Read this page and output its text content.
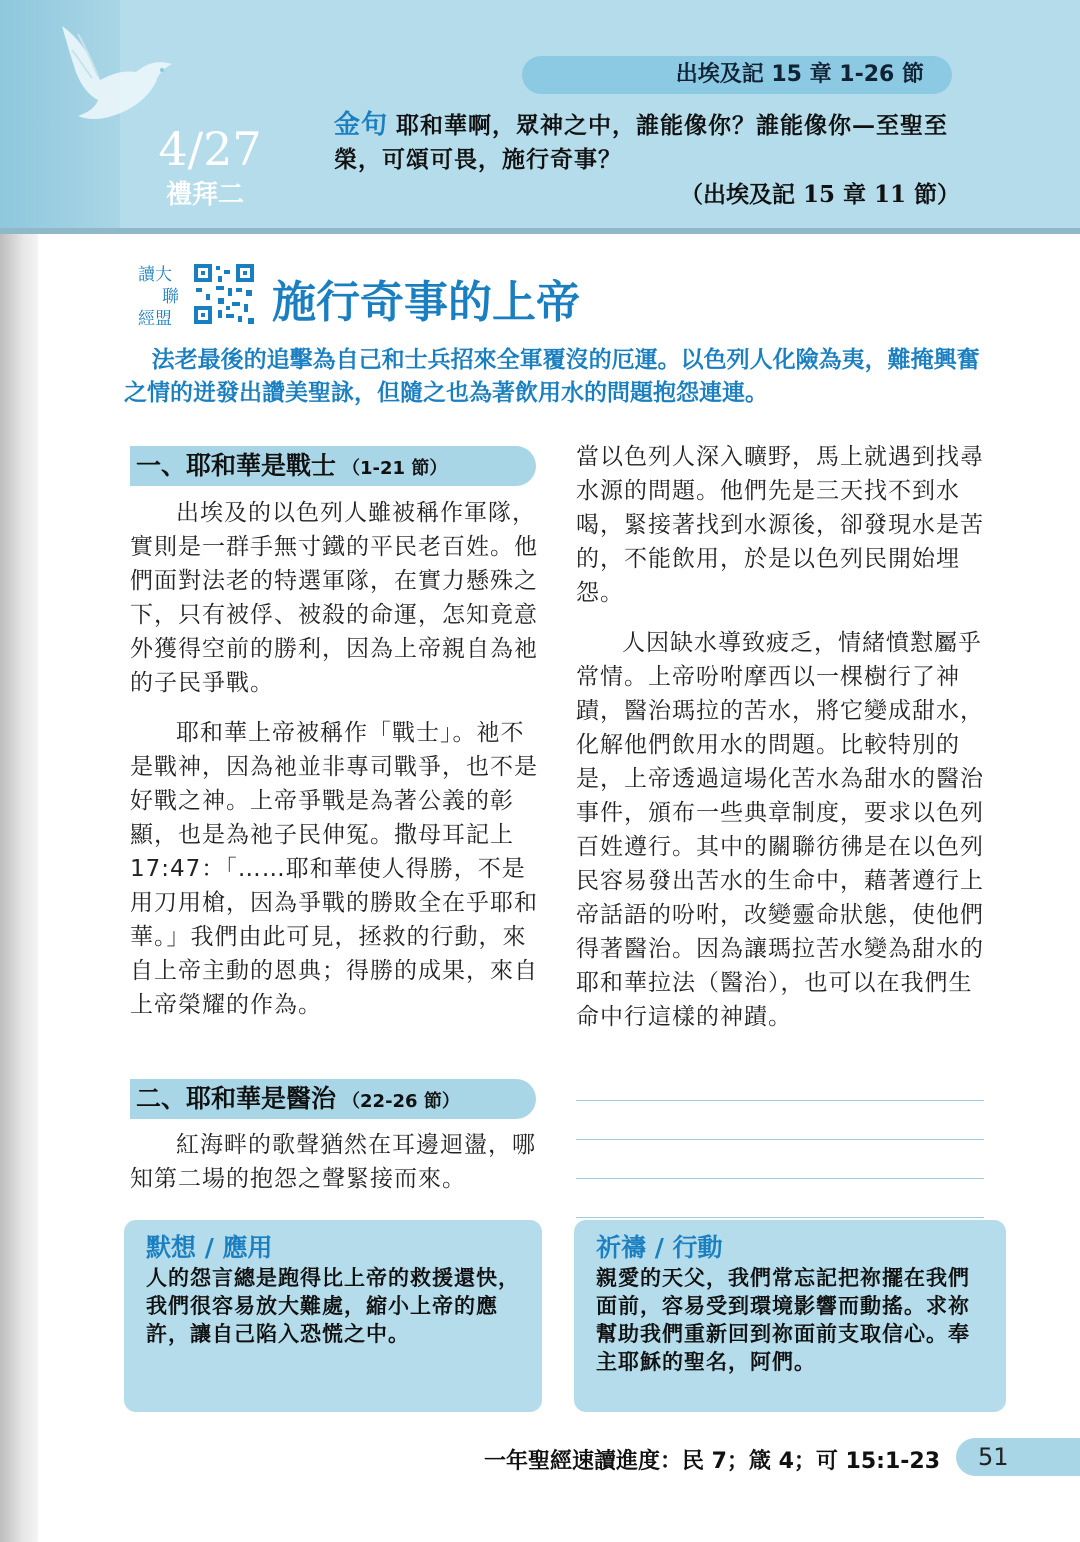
4/27
禮拜二
出埃及記 15 章 1-26 節
金句 耶和華啊，眾神之中，誰能像你？誰能像你—至聖至榮，可頌可畏，施行奇事？
（出埃及記 15 章 11 節）
讀大
聯
經盟	施行奇事的上帝
法老最後的追擊為自己和士兵招來全軍覆沒的厄運。以色列人化險為夷，難掩興奮之情的迸發出讚美聖詠，但隨之也為著飲用水的問題抱怨連連。
一、耶和華是戰士 （1-21 節）

出埃及的以色列人雖被稱作軍隊，實則是一群手無寸鐵的平民老百姓。他們面對法老的特選軍隊，在實力懸殊之下，只有被俘、被殺的命運，怎知竟意外獲得空前的勝利，因為上帝親自為祂的子民爭戰。

耶和華上帝被稱作「戰士」。祂不是戰神，因為祂並非專司戰爭，也不是好戰之神。上帝爭戰是為著公義的彰顯，也是為祂子民伸冤。撒母耳記上 17:47：「……耶和華使人得勝，不是用刀用槍，因為爭戰的勝敗全在乎耶和華。」我們由此可見，拯救的行動，來自上帝主動的恩典；得勝的成果，來自上帝榮耀的作為。

二、耶和華是醫治 （22-26 節）

紅海畔的歌聲猶然在耳邊迴盪，哪知第二場的抱怨之聲緊接而來。

當以色列人深入曠野，馬上就遇到找尋水源的問題。他們先是三天找不到水喝，緊接著找到水源後，卻發現水是苦的，不能飲用，於是以色列民開始埋怨。

人因缺水導致疲乏，情緒憤懟屬乎常情。上帝吩咐摩西以一棵樹行了神蹟，醫治瑪拉的苦水，將它變成甜水，化解他們飲用水的問題。比較特別的是，上帝透過這場化苦水為甜水的醫治事件，頒布一些典章制度，要求以色列百姓遵行。其中的關聯彷彿是在以色列民容易發出苦水的生命中，藉著遵行上帝話語的吩咐，改變靈命狀態，使他們得著醫治。因為讓瑪拉苦水變為甜水的耶和華拉法（醫治），也可以在我們生命中行這樣的神蹟。

默想 / 應用
人的怨言總是跑得比上帝的救援還快，我們很容易放大難處，縮小上帝的應許，讓自己陷入恐慌之中。
祈禱 / 行動
親愛的天父，我們常忘記把祢擺在我們面前，容易受到環境影響而動搖。求祢幫助我們重新回到祢面前支取信心。奉主耶穌的聖名，阿們。
一年聖經速讀進度：民 7；箴 4；可 15:1-23	51
